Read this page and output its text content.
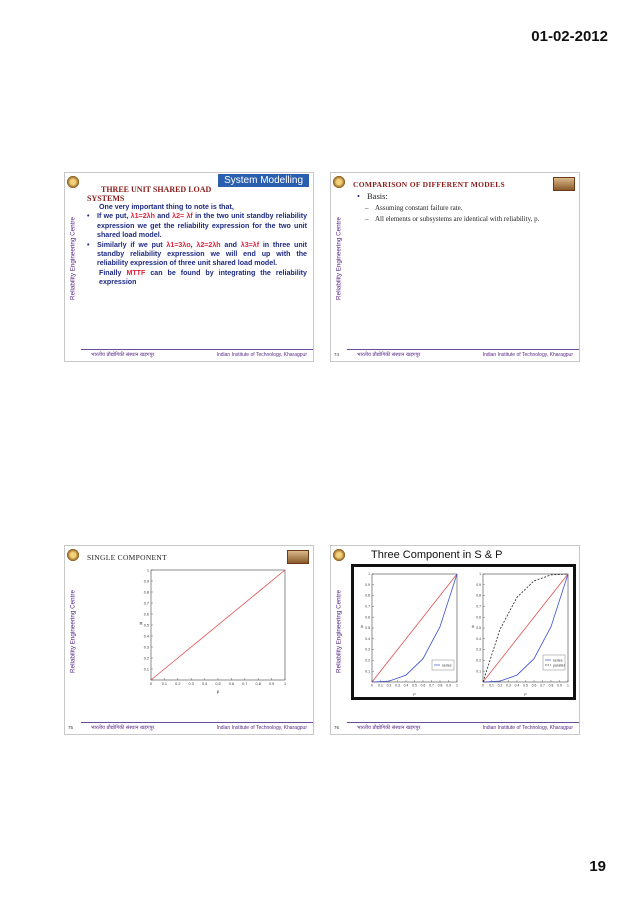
01-02-2012
Reliability Engineering Centre
System Modelling
THREE UNIT SHARED LOAD
SYSTEMS
One very important thing to note is that,
• If we put, λ1=2λh and λ2= λf in the two unit standby reliability expression we get the reliability expression for the two unit shared load model.
• Similarly if we put λ1=3λo, λ2=2λh and λ3=λf in three unit standby reliability expression we will end up with the reliability expression of three unit shared load model.
Finally MTTF can be found by integrating the reliability expression
भारतीय प्रौद्योगिकी संस्थान खड़गपुर	Indian Institute of Technology, Kharagpur
Reliability Engineering Centre
COMPARISON OF DIFFERENT MODELS
• Basis:
– Assuming constant failure rate.
– All elements or subsystems are identical with reliability, p.
74	भारतीय प्रौद्योगिकी संस्थान खड़गपुर	Indian Institute of Technology, Kharagpur
Reliability Engineering Centre
SINGLE COMPONENT
0	0.1
0.1
0.2
0.2
0.3
0.3
0.4
0.4
0.5
0.5
0.6
0.6
0.7
0.7
0.8
0.8
0.9
0.9
1
1
p
R
75	भारतीय प्रौद्योगिकी संस्थान खड़गपुर	Indian Institute of Technology, Kharagpur
Reliability Engineering Centre
Three Component in S & P
0 0.1
0.1
0.2
0.2
0.3
0.3
0.4
0.4
0.5
0.5
0.6
0.6
0.7
0.7
0.8
0.8
0.9
0.9
1
1
p
R
series
0 0.1
0.1
0.2
0.2
0.3
0.3
0.4
0.4
0.5
0.5
0.6
0.6
0.7
0.7
0.8
0.8
0.9
0.9
1
1
p
R
series
parallel
76	भारतीय प्रौद्योगिकी संस्थान खड़गपुर	Indian Institute of Technology, Kharagpur
19
